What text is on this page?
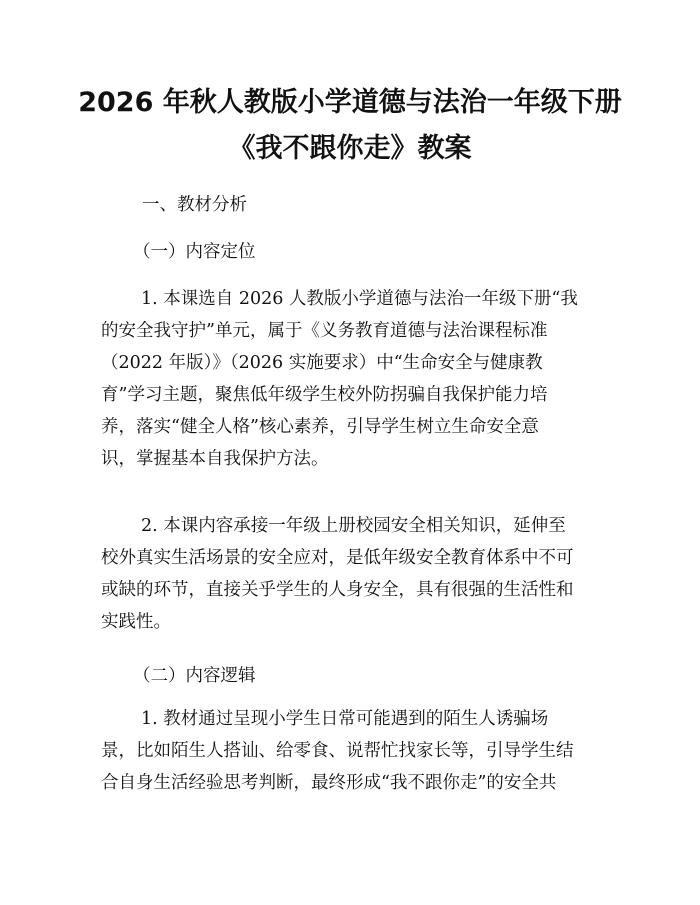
2026 年秋人教版小学道德与法治一年级下册
《我不跟你走》教案
一、教材分析
（一）内容定位
1. 本课选自 2026 人教版小学道德与法治一年级下册“我
的安全我守护”单元，属于《义务教育道德与法治课程标准
（2022 年版）》（2026 实施要求）中“生命安全与健康教
育”学习主题，聚焦低年级学生校外防拐骗自我保护能力培
养，落实“健全人格”核心素养，引导学生树立生命安全意
识，掌握基本自我保护方法。
2. 本课内容承接一年级上册校园安全相关知识，延伸至
校外真实生活场景的安全应对，是低年级安全教育体系中不可
或缺的环节，直接关乎学生的人身安全，具有很强的生活性和
实践性。
（二）内容逻辑
1. 教材通过呈现小学生日常可能遇到的陌生人诱骗场
景，比如陌生人搭讪、给零食、说帮忙找家长等，引导学生结
合自身生活经验思考判断，最终形成“我不跟你走”的安全共
